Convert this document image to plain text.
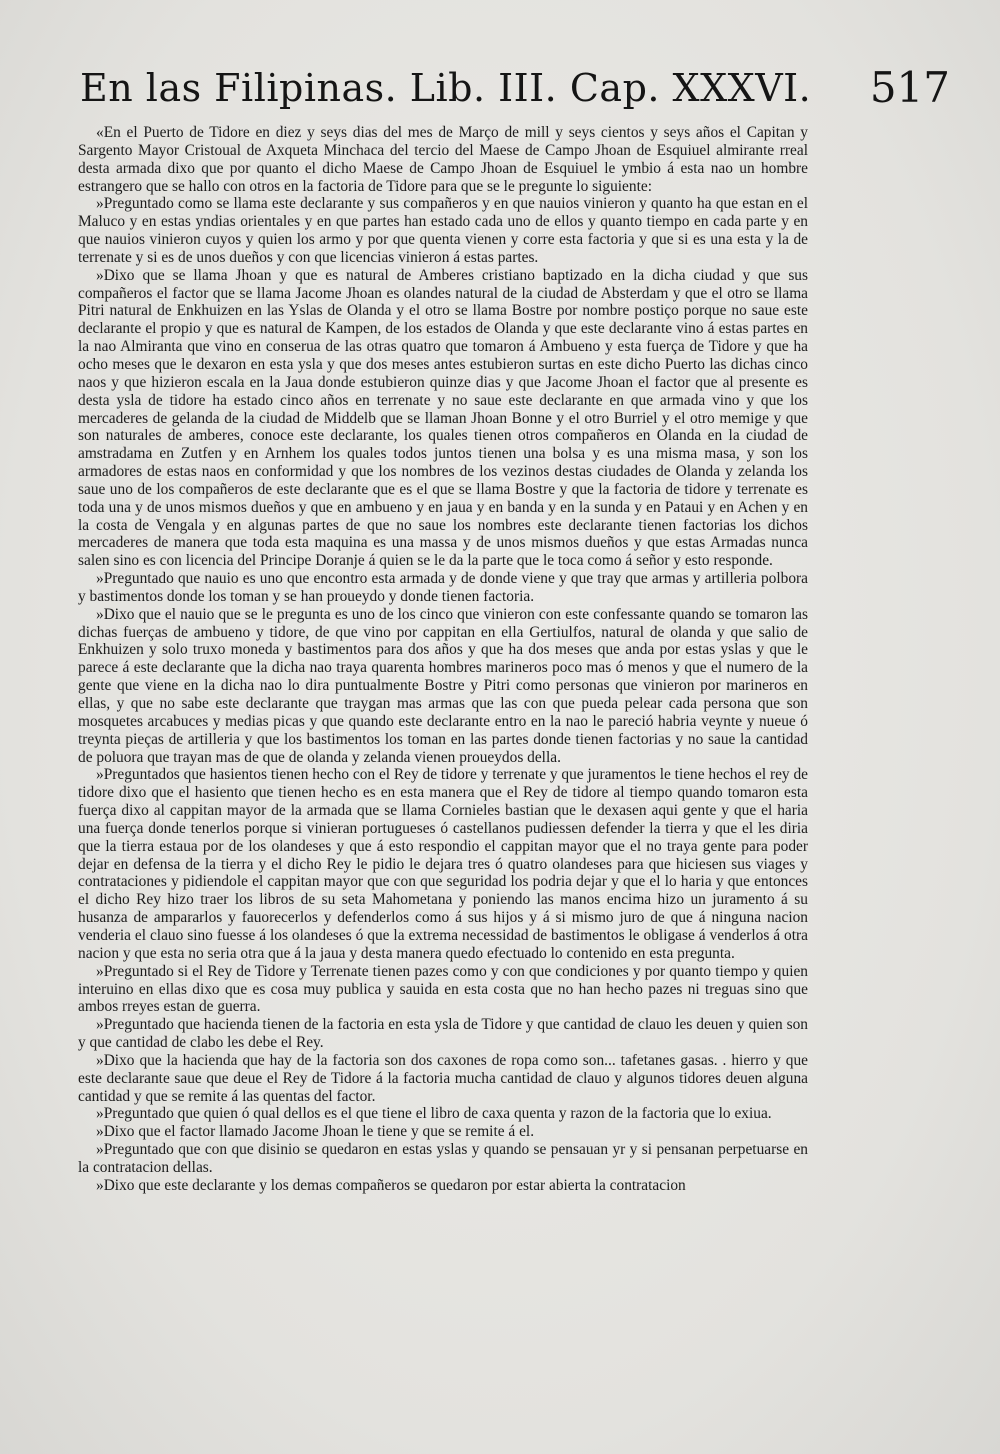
En las Filipinas. Lib. III. Cap. XXXVI. 517

«En el Puerto de Tidore en diez y seys dias del mes de Março de mill y seys cientos y seys años el Capitan y Sargento Mayor Cristoual de Axqueta Minchaca del tercio del Maese de Campo Jhoan de Esquiuel almirante rreal desta armada dixo que por quanto el dicho Maese de Campo Jhoan de Esquiuel le ymbio á esta nao un hombre estrangero que se hallo con otros en la factoria de Tidore para que se le pregunte lo siguiente:

»Preguntado como se llama este declarante y sus compañeros y en que nauios vinieron y quanto ha que estan en el Maluco y en estas yndias orientales y en que partes han estado cada uno de ellos y quanto tiempo en cada parte y en que nauios vinieron cuyos y quien los armo y por que quenta vienen y corre esta factoria y que si es una esta y la de terrenate y si es de unos dueños y con que licencias vinieron á estas partes.

»Dixo que se llama Jhoan y que es natural de Amberes cristiano baptizado en la dicha ciudad y que sus compañeros el factor que se llama Jacome Jhoan es olandes natural de la ciudad de Absterdam y que el otro se llama Pitri natural de Enkhuizen en las Yslas de Olanda y el otro se llama Bostre por nombre postiço porque no saue este declarante el propio y que es natural de Kampen, de los estados de Olanda y que este declarante vino á estas partes en la nao Almiranta que vino en conserua de las otras quatro que tomaron á Ambueno y esta fuerça de Tidore y que ha ocho meses que le dexaron en esta ysla y que dos meses antes estubieron surtas en este dicho Puerto las dichas cinco naos y que hizieron escala en la Jaua donde estubieron quinze dias y que Jacome Jhoan el factor que al presente es desta ysla de tidore ha estado cinco años en terrenate y no saue este declarante en que armada vino y que los mercaderes de gelanda de la ciudad de Middelb que se llaman Jhoan Bonne y el otro Burriel y el otro memige y que son naturales de amberes, conoce este declarante, los quales tienen otros compañeros en Olanda en la ciudad de amstradama en Zutfen y en Arnhem los quales todos juntos tienen una bolsa y es una misma masa, y son los armadores de estas naos en conformidad y que los nombres de los vezinos destas ciudades de Olanda y zelanda los saue uno de los compañeros de este declarante que es el que se llama Bostre y que la factoria de tidore y terrenate es toda una y de unos mismos dueños y que en ambueno y en jaua y en banda y en la sunda y en Pataui y en Achen y en la costa de Vengala y en algunas partes de que no saue los nombres este declarante tienen factorias los dichos mercaderes de manera que toda esta maquina es una massa y de unos mismos dueños y que estas Armadas nunca salen sino es con licencia del Principe Doranje á quien se le da la parte que le toca como á señor y esto responde.

»Preguntado que nauio es uno que encontro esta armada y de donde viene y que tray que armas y artilleria polbora y bastimentos donde los toman y se han proueydo y donde tienen factoria.

»Dixo que el nauio que se le pregunta es uno de los cinco que vinieron con este confessante quando se tomaron las dichas fuerças de ambueno y tidore, de que vino por cappitan en ella Gertiulfos, natural de olanda y que salio de Enkhuizen y solo truxo moneda y bastimentos para dos años y que ha dos meses que anda por estas yslas y que le parece á este declarante que la dicha nao traya quarenta hombres marineros poco mas ó menos y que el numero de la gente que viene en la dicha nao lo dira puntualmente Bostre y Pitri como personas que vinieron por marineros en ellas, y que no sabe este declarante que traygan mas armas que las con que pueda pelear cada persona que son mosquetes arcabuces y medias picas y que quando este declarante entro en la nao le pareció habria veynte y nueue ó treynta pieças de artilleria y que los bastimentos los toman en las partes donde tienen factorias y no saue la cantidad de poluora que trayan mas de que de olanda y zelanda vienen proueydos della.

»Preguntados que hasientos tienen hecho con el Rey de tidore y terrenate y que juramentos le tiene hechos el rey de tidore dixo que el hasiento que tienen hecho es en esta manera que el Rey de tidore al tiempo quando tomaron esta fuerça dixo al cappitan mayor de la armada que se llama Cornieles bastian que le dexasen aqui gente y que el haria una fuerça donde tenerlos porque si vinieran portugueses ó castellanos pudiessen defender la tierra y que el les diria que la tierra estaua por de los olandeses y que á esto respondio el cappitan mayor que el no traya gente para poder dejar en defensa de la tierra y el dicho Rey le pidio le dejara tres ó quatro olandeses para que hiciesen sus viages y contrataciones y pidiendole el cappitan mayor que con que seguridad los podria dejar y que el lo haria y que entonces el dicho Rey hizo traer los libros de su seta Mahometana y poniendo las manos encima hizo un juramento á su husanza de ampararlos y fauorecerlos y defenderlos como á sus hijos y á si mismo juro de que á ninguna nacion venderia el clauo sino fuesse á los olandeses ó que la extrema necessidad de bastimentos le obligase á venderlos á otra nacion y que esta no seria otra que á la jaua y desta manera quedo efectuado lo contenido en esta pregunta.

»Preguntado si el Rey de Tidore y Terrenate tienen pazes como y con que condiciones y por quanto tiempo y quien interuino en ellas dixo que es cosa muy publica y sauida en esta costa que no han hecho pazes ni treguas sino que ambos rreyes estan de guerra.

»Preguntado que hacienda tienen de la factoria en esta ysla de Tidore y que cantidad de clauo les deuen y quien son y que cantidad de clabo les debe el Rey.

»Dixo que la hacienda que hay de la factoria son dos caxones de ropa como son... tafetanes gasas. . hierro y que este declarante saue que deue el Rey de Tidore á la factoria mucha cantidad de clauo y algunos tidores deuen alguna cantidad y que se remite á las quentas del factor.

»Preguntado que quien ó qual dellos es el que tiene el libro de caxa quenta y razon de la factoria que lo exiua.

»Dixo que el factor llamado Jacome Jhoan le tiene y que se remite á el.

»Preguntado que con que disinio se quedaron en estas yslas y quando se pensauan yr y si pensanan perpetuarse en la contratacion dellas.

»Dixo que este declarante y los demas compañeros se quedaron por estar abierta la contratacion
